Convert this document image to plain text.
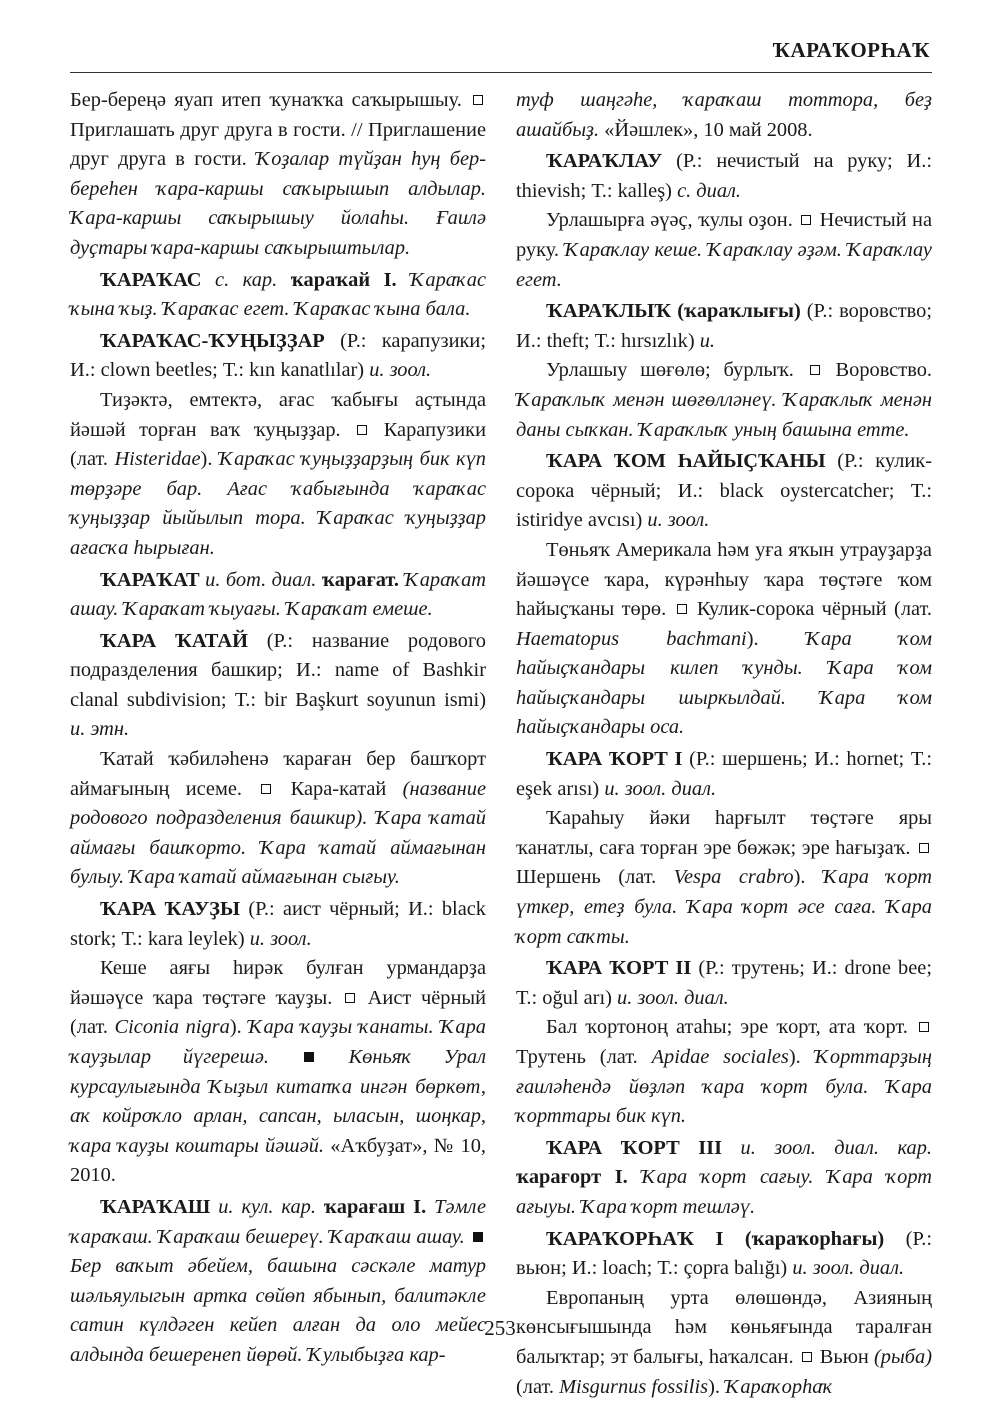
ҠАРАҠОРҺАҠ

Бер-береңә яуап итеп ҡунаҡҡа саҡырышыу.  Приглашать друг друга в гости. // Приглашение друг друга в гости. Ҡоҙалар түйҙан һуң бер-береһен ҡара-каршы саҡырышып алдылар. Ҡара-каршы саҡырышыу йолаһы. Ғаилә дуҫтары ҡара-каршы саҡырыштылар.

ҠАРАҠАС с. кар. ҡараҡай I. Ҡараҡас ҡына ҡыҙ. Ҡараҡас егет. Ҡараҡас ҡына бала.

ҠАРАҠАС-ҠУҢЫҘҘАР (Р.: карапузики; И.: clown beetles; Т.: kın kanatlılar) и. зоол.

Тиҙәктә, емтектә, ағас ҡабығы аҫтында йәшәй торған ваҡ ҡуңыҙҙар.  Карапузики (лат. Histeridae). Ҡараҡас ҡуңыҙҙарҙың бик күп төрҙәре бар. Ағас ҡабығында ҡараҡас ҡуңыҙҙар йыйылып тора. Ҡараҡас ҡуңыҙҙар ағасҡа һырыған.

ҠАРАҠАТ и. бот. диал. ҡарағат. Ҡараҡат ашау. Ҡараҡат ҡыуағы. Ҡараҡат емеше.

ҠАРА ҠАТАЙ (Р.: название родового подразделения башкир; И.: name of Bashkir clanal subdivision; Т.: bir Başkurt soyunun ismi) и. этн.

Ҡатай ҡәбиләһенә ҡараған бер башҡорт аймағының исеме.  Кара-катай (название родового подразделения башкир). Ҡара ҡатай аймағы башҡорто. Ҡара ҡатай аймағынан булыу. Ҡара ҡатай аймағынан сығыу.

ҠАРА ҠАУҘЫ (Р.: аист чёрный; И.: black stork; Т.: kara leylek) и. зоол.

Кеше аяғы һирәк булған урмандарҙа йәшәүсе ҡара төҫтәге ҡауҙы.  Аист чёрный (лат. Ciconia nigra). Ҡара ҡауҙы ҡанаты. Ҡара ҡауҙылар йүгерешә.	Көньяҡ Урал курсаулығында Ҡыҙыл китапҡа ингән бөркөт, аҡ койроҡло арлан, сапсан, ыласын, шоңкар, ҡара ҡауҙы коштары йәшәй. «Аҡбуҙат», № 10, 2010.

ҠАРАҠАШ и. кул. кар. ҡарағаш I. Тәмле ҡараҡаш. Ҡараҡаш бешереү. Ҡараҡаш ашау.  Бер ваҡыт әбейем, башына сәскәле матур шәльяулыгын артка сөйөп ябынып, балитәкле сатин күлдәген кейеп алған да оло мейес алдында бешеренеп йөрөй. Ҡулыбыҙға кар-

туф шаңгәһе, ҡараҡаш тоттора, беҙ ашайбыҙ. «Йәшлек», 10 май 2008.

ҠАРАҠЛАУ (Р.: нечистый на руку; И.: thievish; Т.: kalleş) с. диал.

Урлашырға әүәҫ, ҡулы оҙон.  Нечистый на руку. Ҡараҡлау кеше. Ҡараҡлау әҙәм. Ҡараҡлау егет.

ҠАРАҠЛЫҠ (ҡараҡлығы) (Р.: воровство; И.: theft; Т.: hırsızlık) и.

Урлашыу шөғөлө; бурлыҡ.  Воровство. Ҡараҡлыҡ менән шөғөлләнеү. Ҡараҡлыҡ менән даны сыҡкан. Ҡараҡлыҡ уның башына етте.

ҠАРА ҠОМ ҺАЙЫҪҠАНЫ (Р.: кулик-сорока чёрный; И.: black oystercatcher; Т.: istiridye avcısı) и. зоол.

Төньяҡ Америкала һәм уға яҡын утрауҙарҙа йәшәүсе ҡара, күрәнһыу ҡара төҫтәге ҡом һайыҫҡаны төрө.  Кулик-сорока чёрный (лат. Haematopus bachmani). Ҡара ҡом һайыҫҡандары килеп ҡунды. Ҡара ҡом һайыҫҡандары шыркылдай. Ҡара ҡом һайыҫҡандары оса.

ҠАРА ҠОРТ I (Р.: шершень; И.: hornet; Т.: eşek arısı) и. зоол. диал.

Ҡараһыу йәки һарғылт төҫтәге яры ҡанатлы, саға торған эре бөжәк; эре һағыҙаҡ.  Шершень (лат. Vespa crabro). Ҡара ҡорт үткер, етеҙ була. Ҡара ҡорт әсе саға. Ҡара ҡорт саҡты.

ҠАРА ҠОРТ II (Р.: трутень; И.: drone bee; Т.: oğul arı) и. зоол. диал.

Бал ҡортоноң атаһы; эре ҡорт, ата ҡорт.  Трутень (лат. Apidae sociales). Ҡорттарҙың ғаиләһендә йөҙләп ҡара ҡорт була. Ҡара ҡорттары бик күп.

ҠАРА ҠОРТ III и. зоол. диал. кар. ҡарағорт I. Ҡара ҡорт сағыу. Ҡара ҡорт ағыуы. Ҡара ҡорт тешләү.

ҠАРАҠОРҺАҠ I (ҡараҡорһағы) (Р.: вьюн; И.: loach; Т.: çopra balığı) и. зоол. диал.

Европаның урта өлөшөндә, Азияның көнсығышында һәм көньяғында таралған балыҡтар; эт балығы, һаҡалсан.  Вьюн (рыба) (лат. Misgurnus fossilis). Ҡараҡорһаҡ

253
